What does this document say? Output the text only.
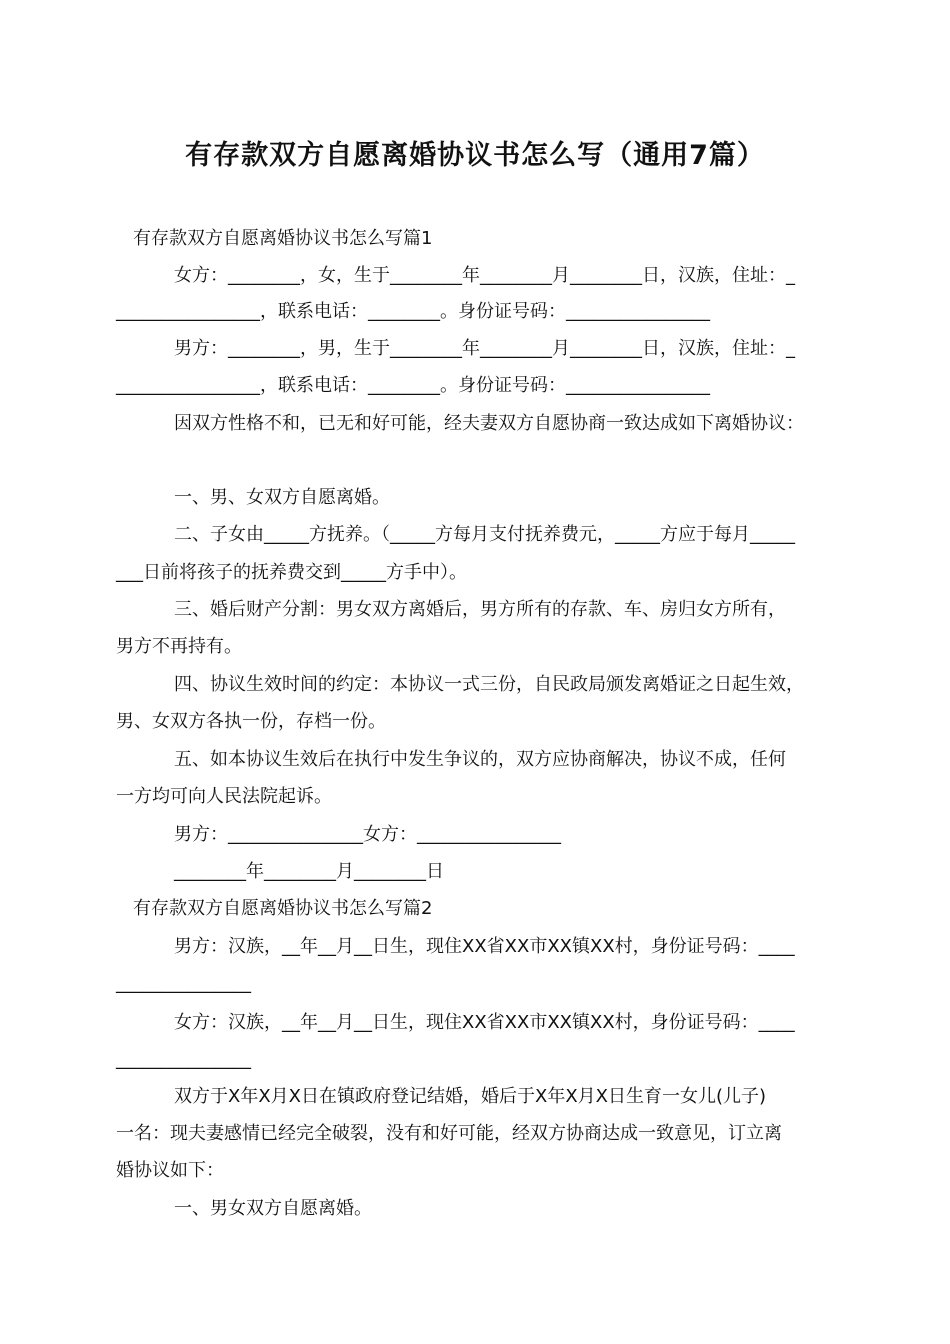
有存款双方自愿离婚协议书怎么写（通用7篇）
有存款双方自愿离婚协议书怎么写篇1
女方：________，女，生于________年________月________日，汉族，住址：_
________________，联系电话：________。身份证号码：________________
男方：________，男，生于________年________月________日，汉族，住址：_
________________，联系电话：________。身份证号码：________________
因双方性格不和，已无和好可能，经夫妻双方自愿协商一致达成如下离婚协议：
一、男、女双方自愿离婚。
二、子女由_____方抚养。（_____方每月支付抚养费元，_____方应于每月_____
___日前将孩子的抚养费交到_____方手中）。
三、婚后财产分割：男女双方离婚后，男方所有的存款、车、房归女方所有，
男方不再持有。
四、协议生效时间的约定：本协议一式三份，自民政局颁发离婚证之日起生效，
男、女双方各执一份，存档一份。
五、如本协议生效后在执行中发生争议的，双方应协商解决，协议不成，任何
一方均可向人民法院起诉。
男方：_______________女方：________________
________年________月________日
有存款双方自愿离婚协议书怎么写篇2
男方：汉族，__年__月__日生，现住XX省XX市XX镇XX村，身份证号码：____
_______________
女方：汉族，__年__月__日生，现住XX省XX市XX镇XX村，身份证号码：____
_______________
双方于X年X月X日在镇政府登记结婚，婚后于X年X月X日生育一女儿(儿子)
一名：现夫妻感情已经完全破裂，没有和好可能，经双方协商达成一致意见，订立离
婚协议如下：
一、男女双方自愿离婚。
